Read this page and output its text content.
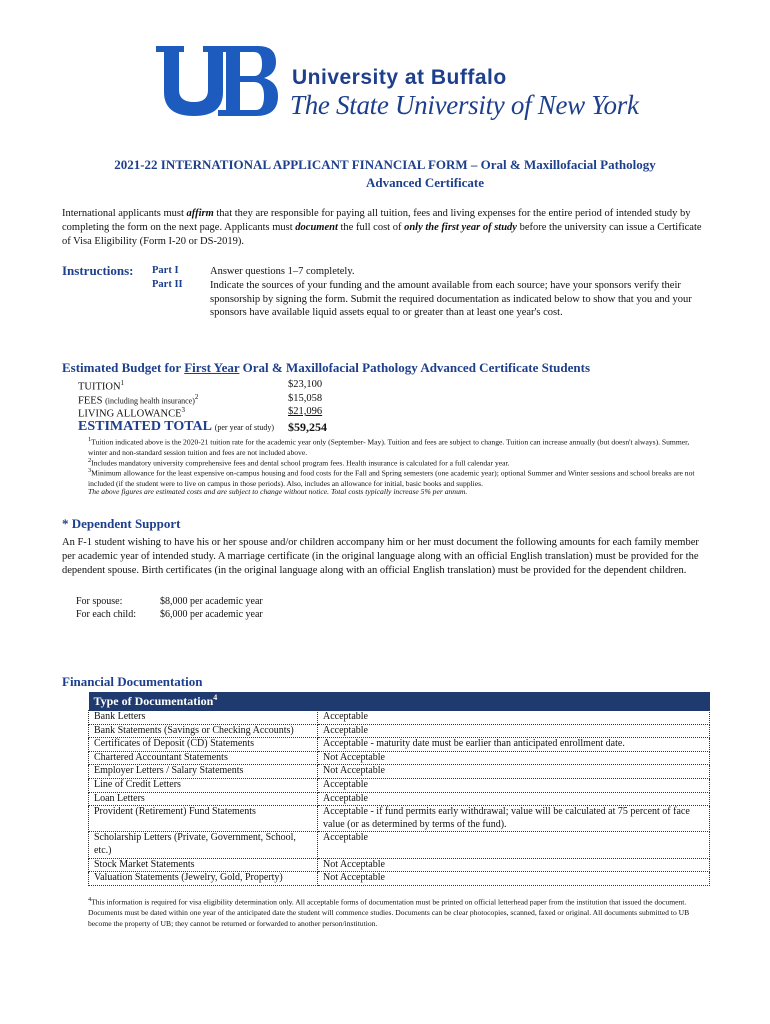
University at Buffalo
The State University of New York
2021-22 INTERNATIONAL APPLICANT FINANCIAL FORM – Oral & Maxillofacial Pathology
Advanced Certificate
International applicants must affirm that they are responsible for paying all tuition, fees and living expenses for the entire period of intended study by completing the form on the next page. Applicants must document the full cost of only the first year of study before the university can issue a Certificate of Visa Eligibility (Form I-20 or DS-2019).
Instructions: Part I	Answer questions 1–7 completely.
Part II	Indicate the sources of your funding and the amount available from each source; have your sponsors verify their sponsorship by signing the form. Submit the required documentation as indicated below to show that you and your sponsors have available liquid assets equal to or greater than at least one year's cost.
Estimated Budget for First Year Oral & Maxillofacial Pathology Advanced Certificate Students
TUITION$^1$	$23,100
FEES (including health insurance)$^2$	$15,058
LIVING ALLOWANCE$^3$	$21,096
ESTIMATED TOTAL (per year of study) $59,254
$^1$Tuition indicated above is the 2020-21 tuition rate for the academic year only (September- May). Tuition and fees are subject to change. Tuition can increase annually (but doesn't always). Summer, winter and non-standard session tuition and fees are not included above.
$^2$Includes mandatory university comprehensive fees and dental school program fees. Health insurance is calculated for a full calendar year.
$^3$Minimum allowance for the least expensive on-campus housing and food costs for the Fall and Spring semesters (one academic year); optional Summer and Winter sessions and school breaks are not included (if the student were to live on campus in those periods). Also, includes an allowance for initial, basic books and supplies.
The above figures are estimated costs and are subject to change without notice. Total costs typically increase 5% per annum.
* Dependent Support
An F-1 student wishing to have his or her spouse and/or children accompany him or her must document the following amounts for each family member per academic year of intended study. A marriage certificate (in the original language along with an official English translation) must be provided for the dependent spouse. Birth certificates (in the original language along with an official English translation) must be provided for the dependent children.
For spouse:	$8,000 per academic year
For each child: $6,000 per academic year
Financial Documentation
Type of Documentation$^4$
Bank Letters	Acceptable
Bank Statements (Savings or Checking Accounts)	Acceptable
Certificates of Deposit (CD) Statements	Acceptable - maturity date must be earlier than anticipated enrollment date.
Chartered Accountant Statements	Not Acceptable
Employer Letters / Salary Statements	Not Acceptable
Line of Credit Letters	Acceptable
Loan Letters	Acceptable
Provident (Retirement) Fund Statements	Acceptable - if fund permits early withdrawal; value will be calculated at 75 percent of face value (or as determined by terms of the fund).
Scholarship Letters (Private, Government, School, etc.)	Acceptable
Stock Market Statements	Not Acceptable
Valuation Statements (Jewelry, Gold, Property)	Not Acceptable
$^4$This information is required for visa eligibility determination only. All acceptable forms of documentation must be printed on official letterhead paper from the institution that issued the document. Documents must be dated within one year of the anticipated date the student will commence studies. Documents can be clear photocopies, scanned, faxed or original. All documents submitted to UB become the property of UB; they cannot be returned or forwarded to another person/institution.
